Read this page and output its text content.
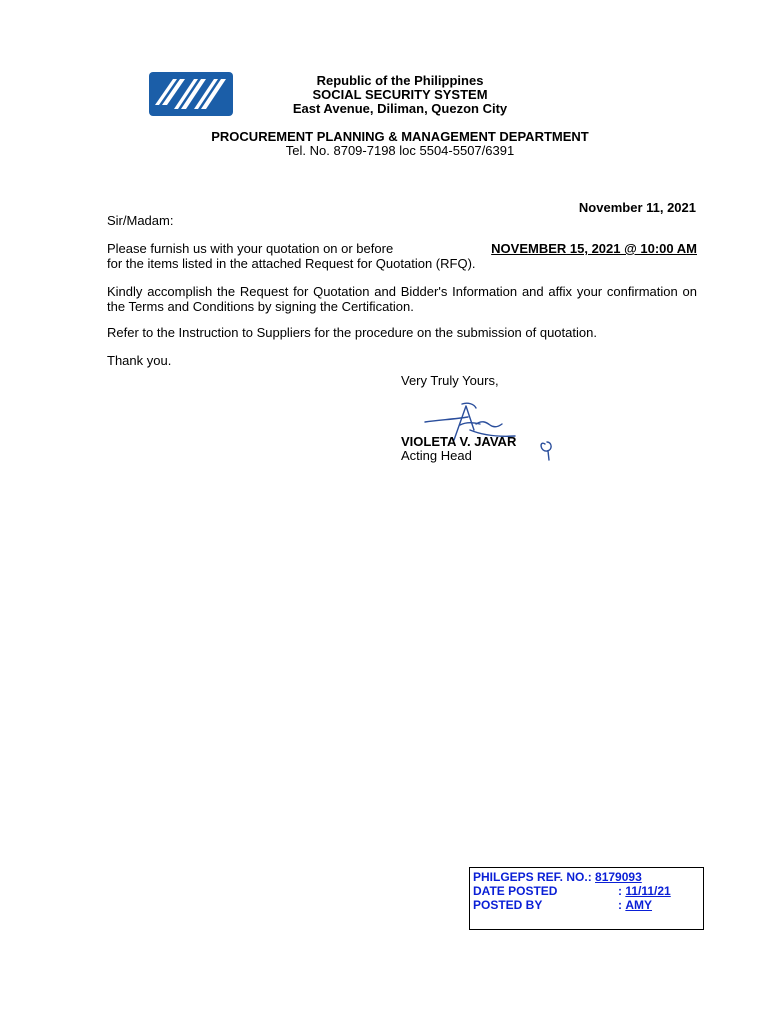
Republic of the Philippines
SOCIAL SECURITY SYSTEM
East Avenue, Diliman, Quezon City
PROCUREMENT PLANNING & MANAGEMENT DEPARTMENT
Tel. No. 8709-7198 loc 5504-5507/6391
November 11, 2021
Sir/Madam:
Please furnish us with your quotation on or before	NOVEMBER 15, 2021 @ 10:00 AM
for the items listed in the attached Request for Quotation (RFQ).
Kindly accomplish the Request for Quotation and Bidder's Information and affix your confirmation on the Terms and Conditions by signing the Certification.
Refer to the Instruction to Suppliers for the procedure on the submission of quotation.
Thank you.
Very Truly Yours,
VIOLETA V. JAVAR
Acting Head
PHILGEPS REF. NO.: 8179093
DATE POSTED	: 11/11/21
POSTED BY	: AMY
